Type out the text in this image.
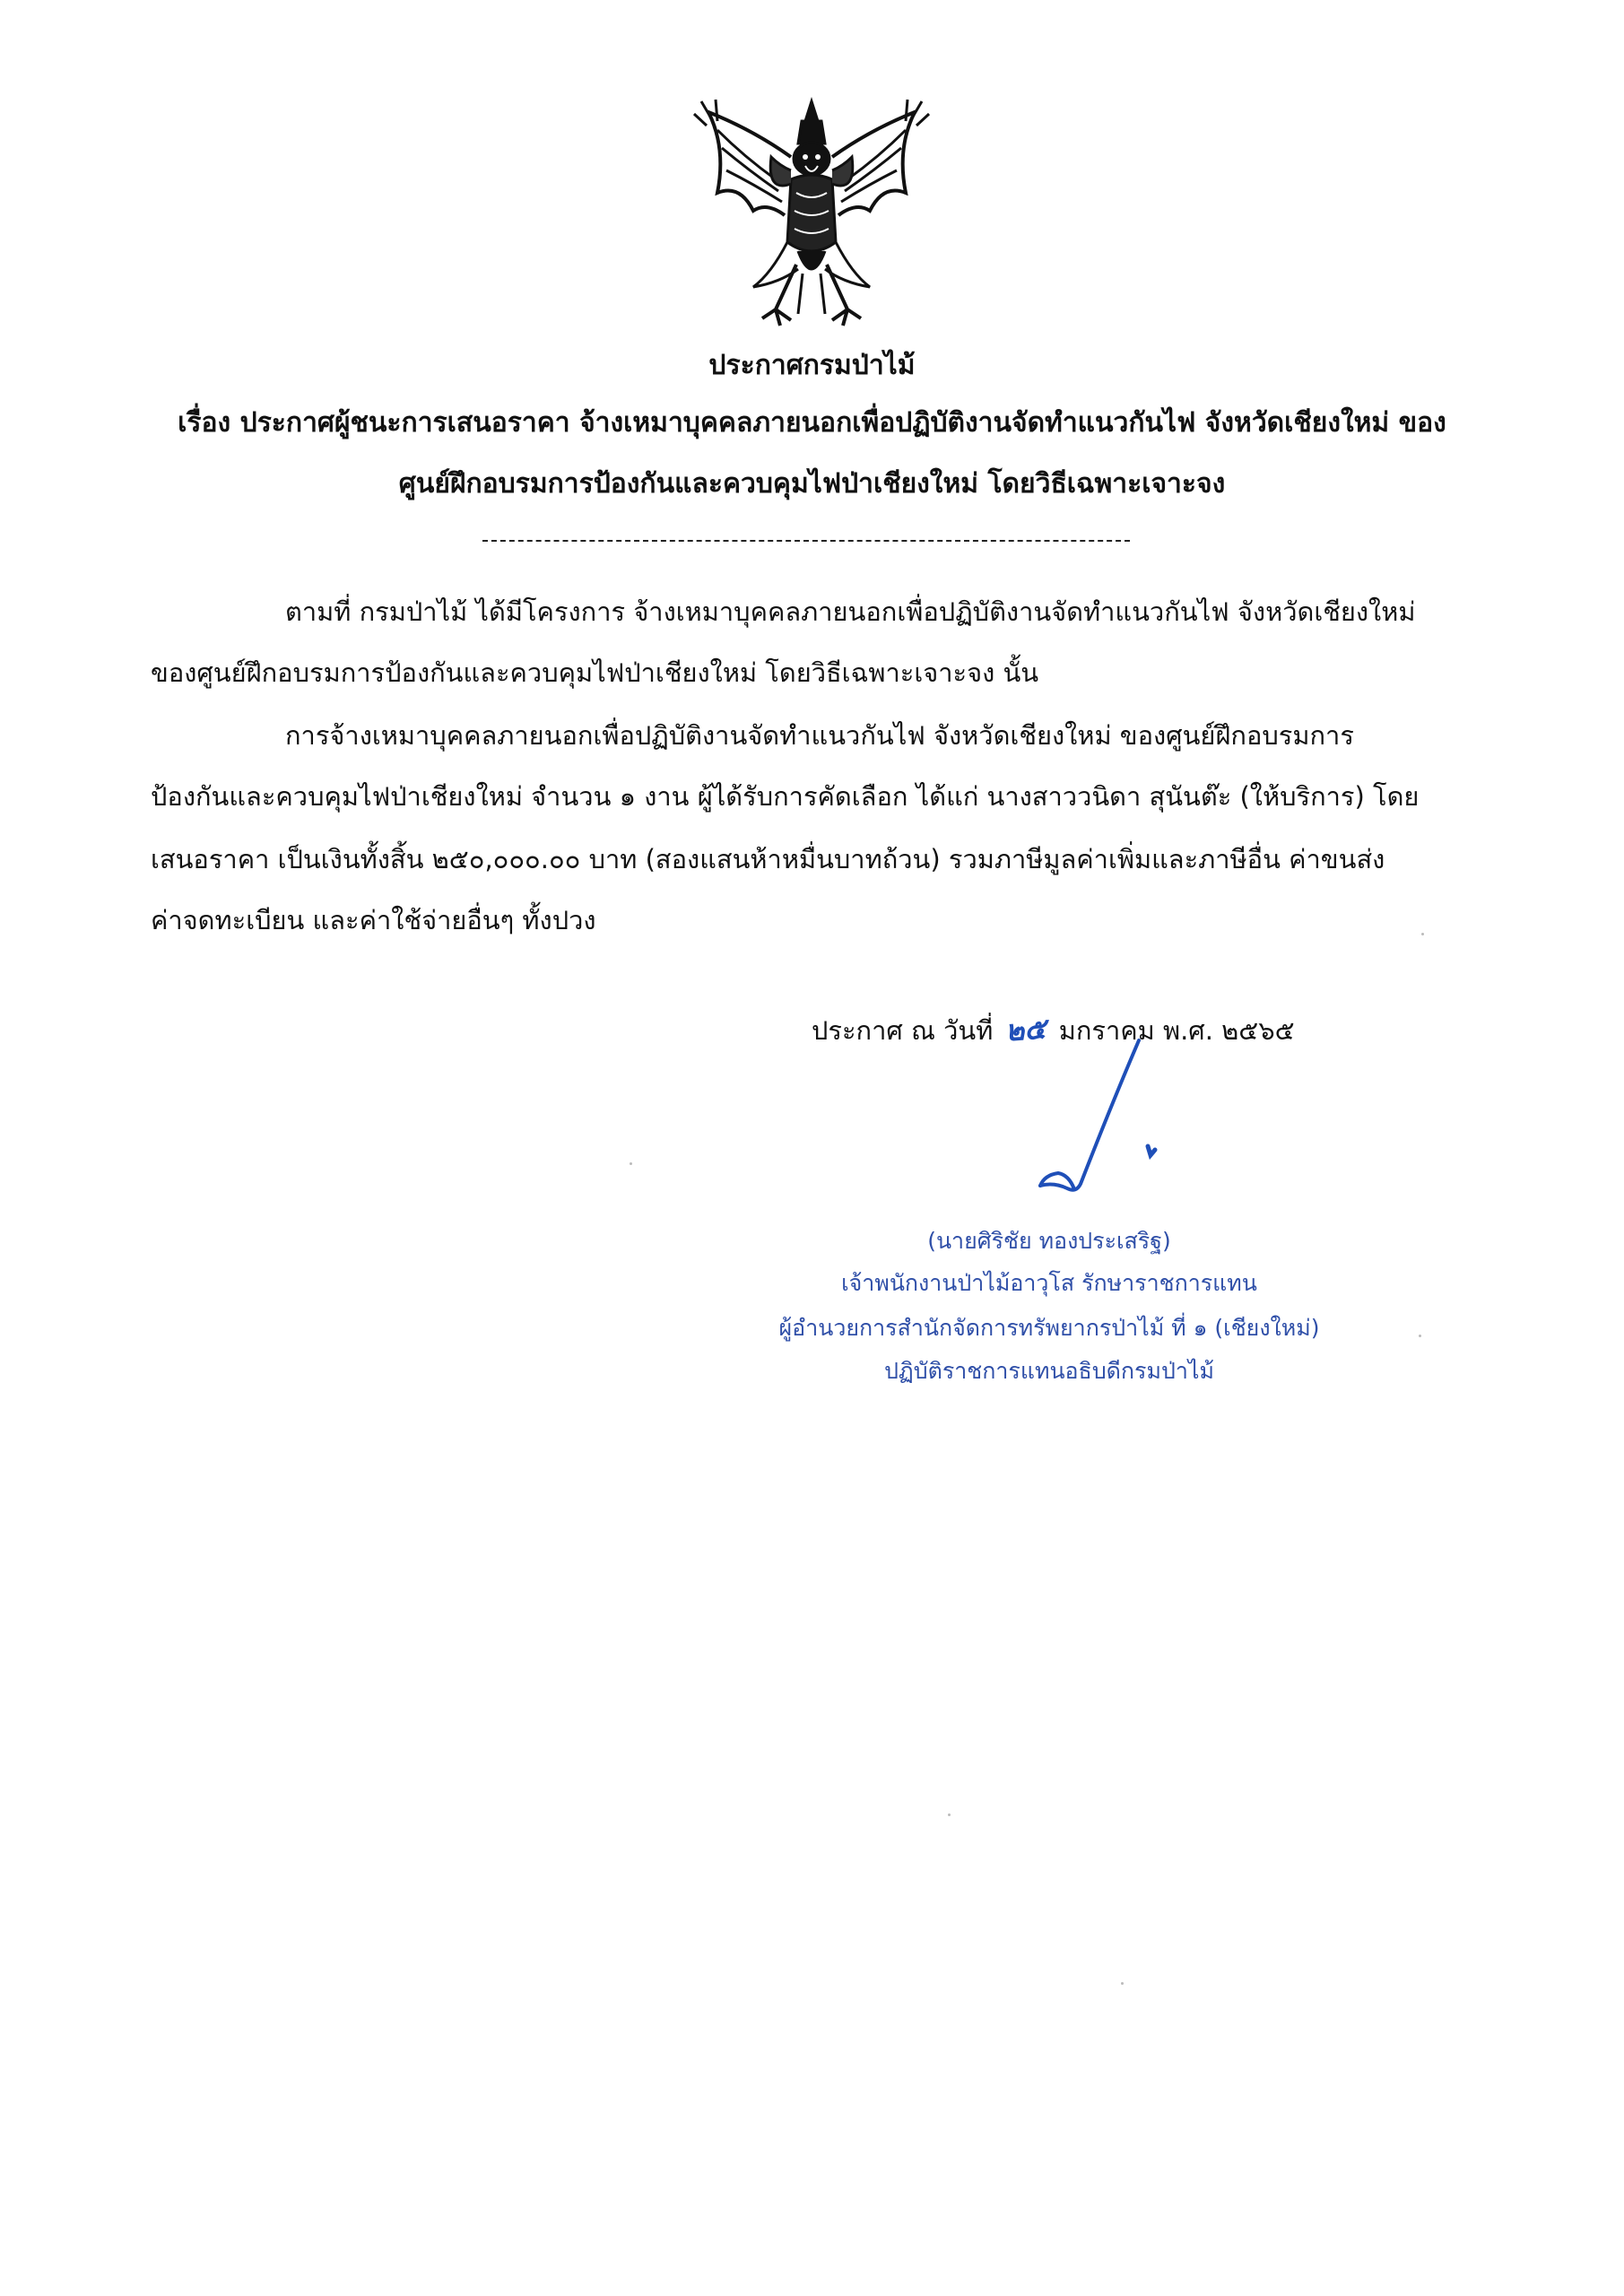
ประกาศกรมป่าไม้
เรื่อง ประกาศผู้ชนะการเสนอราคา จ้างเหมาบุคคลภายนอกเพื่อปฏิบัติงานจัดทำแนวกันไฟ จังหวัดเชียงใหม่ ของ
ศูนย์ฝึกอบรมการป้องกันและควบคุมไฟป่าเชียงใหม่ โดยวิธีเฉพาะเจาะจง
ตามที่ กรมป่าไม้ ได้มีโครงการ จ้างเหมาบุคคลภายนอกเพื่อปฏิบัติงานจัดทำแนวกันไฟ จังหวัดเชียงใหม่
ของศูนย์ฝึกอบรมการป้องกันและควบคุมไฟป่าเชียงใหม่ โดยวิธีเฉพาะเจาะจง นั้น
การจ้างเหมาบุคคลภายนอกเพื่อปฏิบัติงานจัดทำแนวกันไฟ จังหวัดเชียงใหม่ ของศูนย์ฝึกอบรมการ
ป้องกันและควบคุมไฟป่าเชียงใหม่ จำนวน ๑ งาน ผู้ได้รับการคัดเลือก ได้แก่ นางสาววนิดา สุนันต๊ะ (ให้บริการ) โดย
เสนอราคา เป็นเงินทั้งสิ้น ๒๕๐,๐๐๐.๐๐ บาท (สองแสนห้าหมื่นบาทถ้วน) รวมภาษีมูลค่าเพิ่มและภาษีอื่น ค่าขนส่ง
ค่าจดทะเบียน และค่าใช้จ่ายอื่นๆ ทั้งปวง
ประกาศ ณ วันที่ ๒๕ มกราคม พ.ศ. ๒๕๖๕
(นายศิริชัย ทองประเสริฐ)
เจ้าพนักงานป่าไม้อาวุโส รักษาราชการแทน
ผู้อำนวยการสำนักจัดการทรัพยากรป่าไม้ ที่ ๑ (เชียงใหม่)
ปฏิบัติราชการแทนอธิบดีกรมป่าไม้
